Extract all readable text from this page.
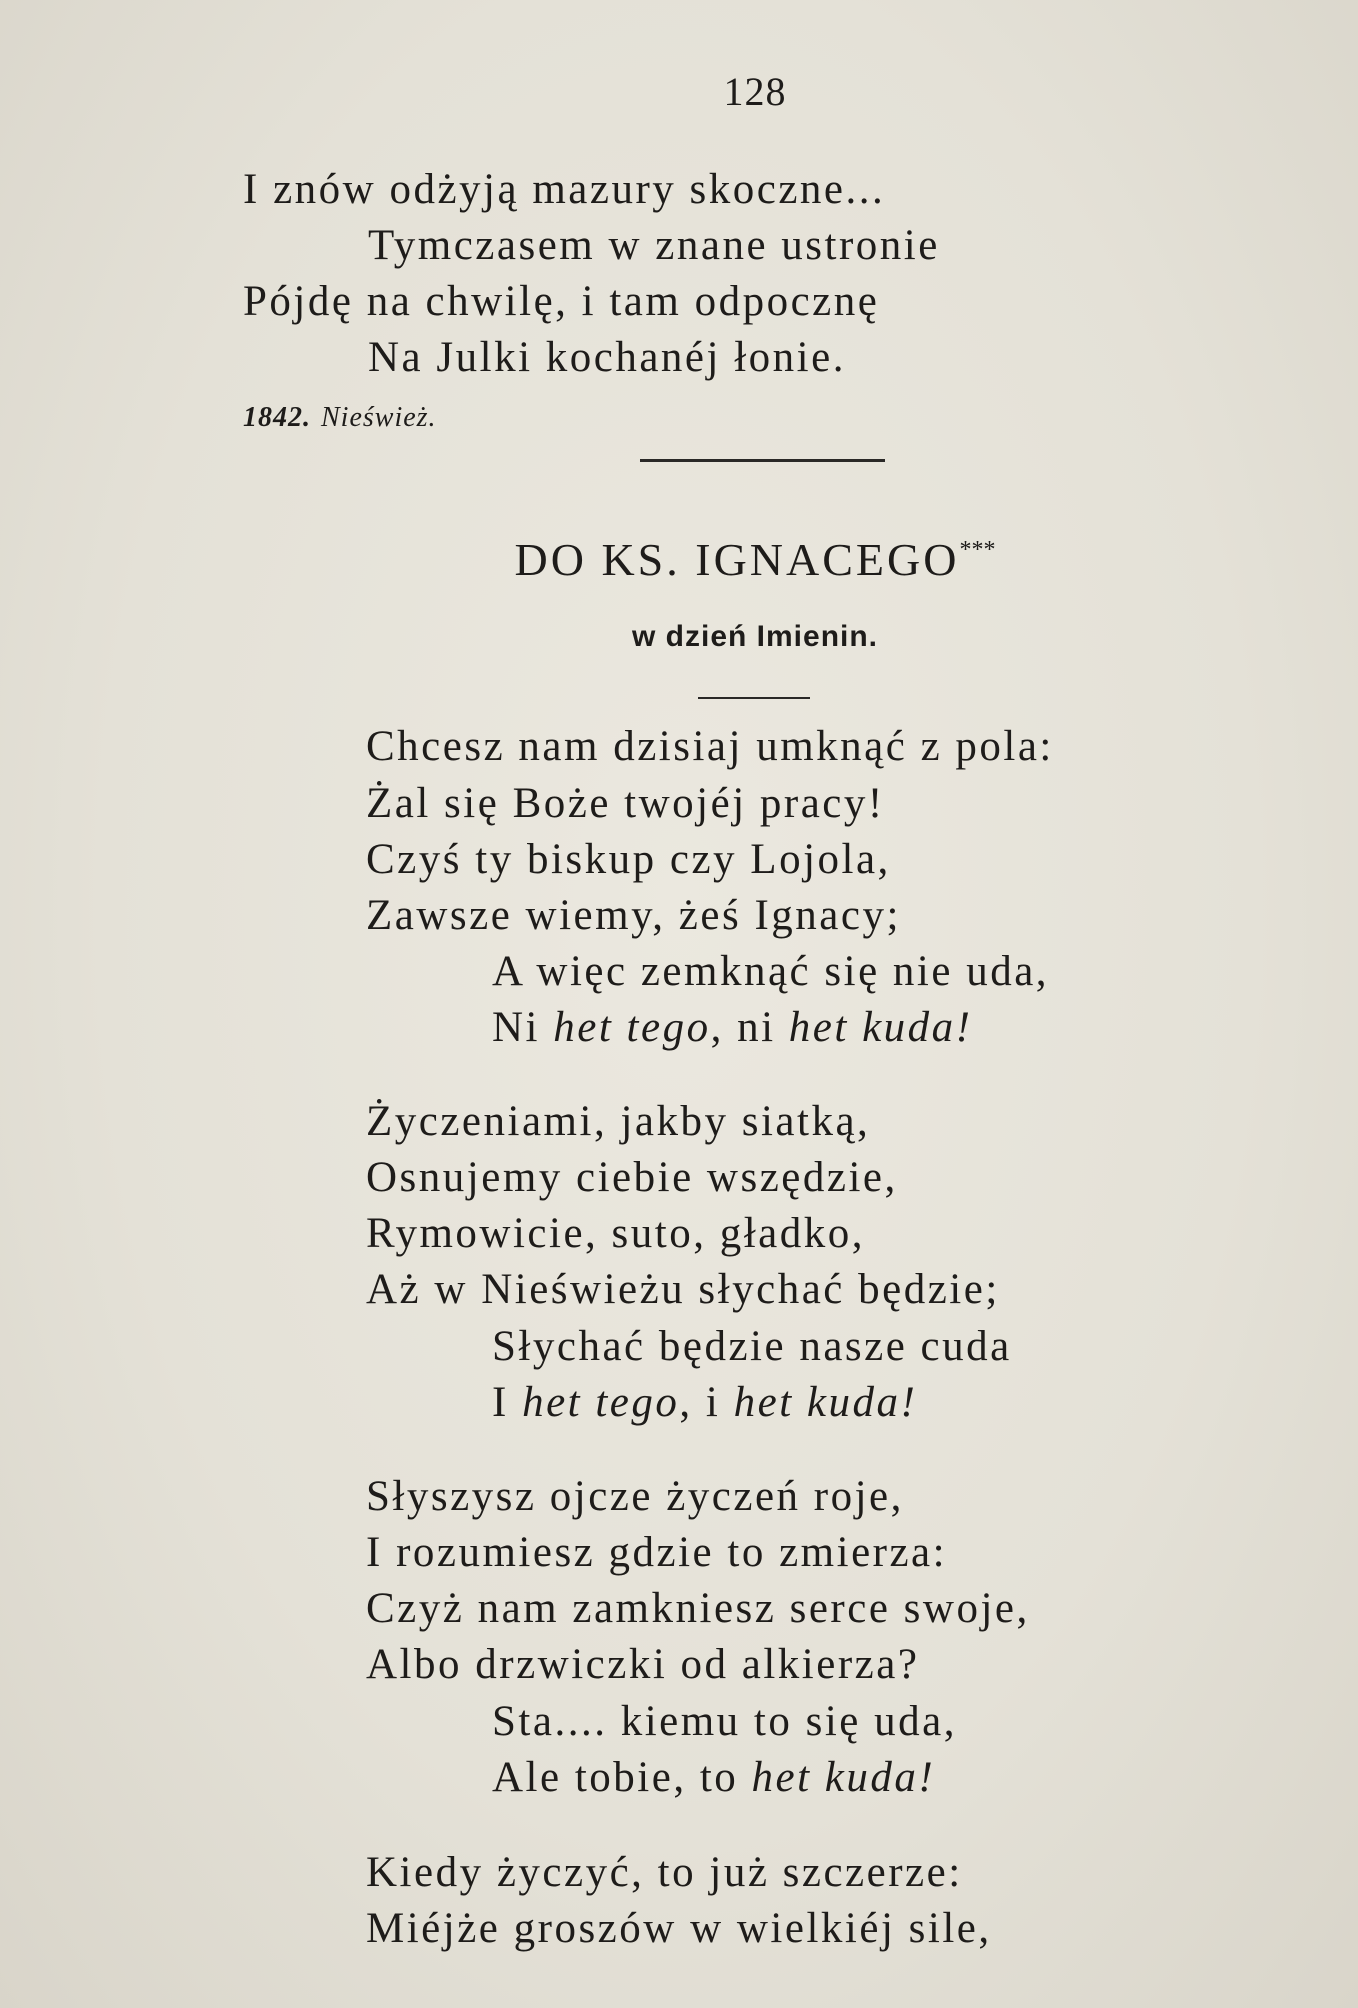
128
I znów odżyją mazury skoczne...
Tymczasem w znane ustronie
Pójdę na chwilę, i tam odpocznę
Na Julki kochanéj łonie.
1842. Nieśwież.
DO KS. IGNACEGO***
w dzień Imienin.
Chcesz nam dzisiaj umknąć z pola:
Żal się Boże twojéj pracy!
Czyś ty biskup czy Lojola,
Zawsze wiemy, żeś Ignacy;
A więc zemknąć się nie uda,
Ni het tego, ni het kuda!
Życzeniami, jakby siatką,
Osnujemy ciebie wszędzie,
Rymowicie, suto, gładko,
Aż w Nieświeżu słychać będzie;
Słychać będzie nasze cuda
I het tego, i het kuda!
Słyszysz ojcze życzeń roje,
I rozumiesz gdzie to zmierza:
Czyż nam zamkniesz serce swoje,
Albo drzwiczki od alkierza?
Sta.... kiemu to się uda,
Ale tobie, to het kuda!
Kiedy życzyć, to już szczerze:
Miéjże groszów w wielkiéj sile,
